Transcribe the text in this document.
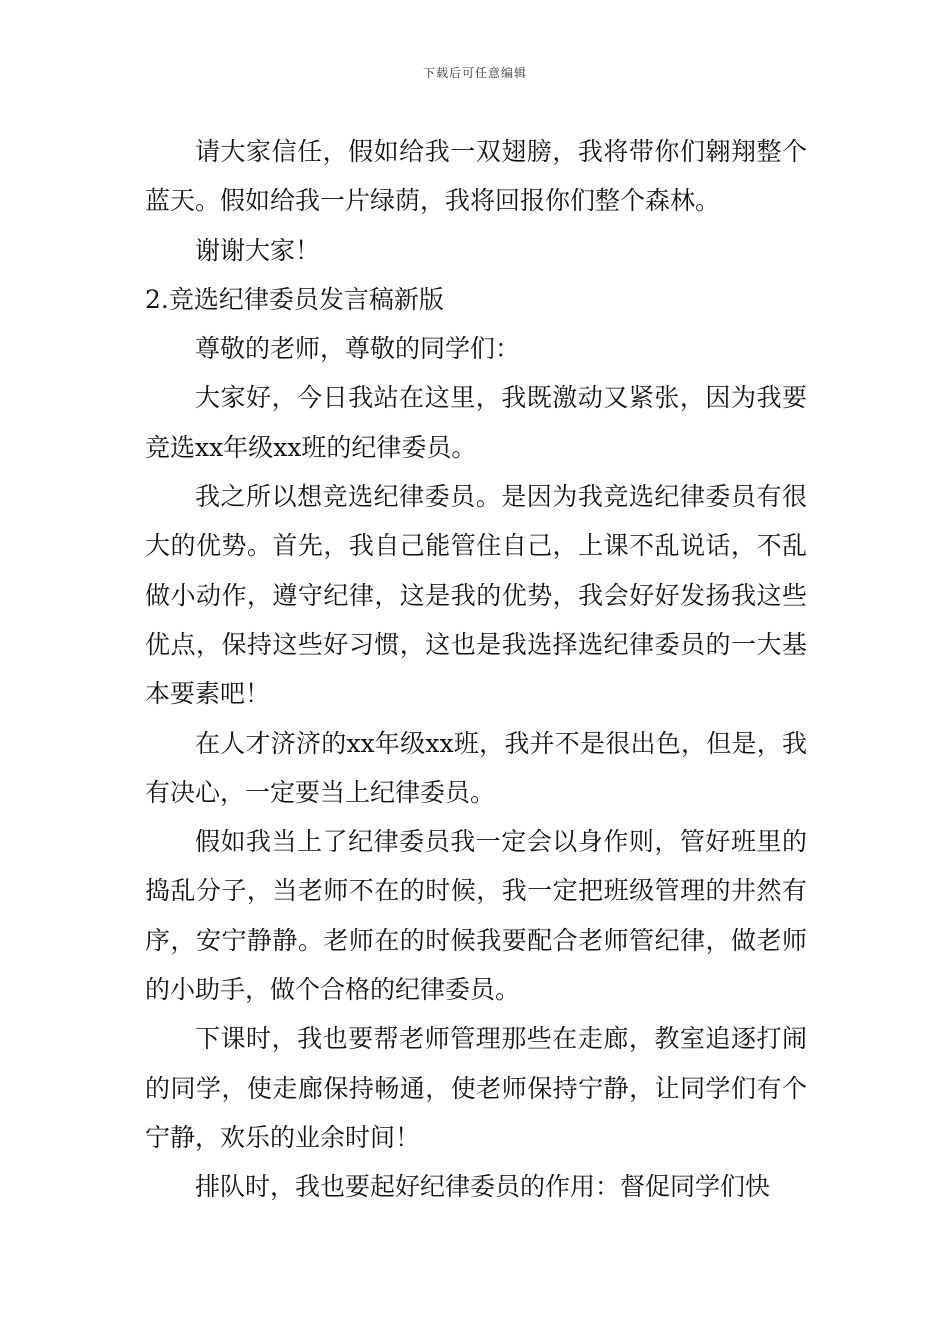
下载后可任意编辑

请大家信任，假如给我一双翅膀，我将带你们翱翔整个蓝天。假如给我一片绿荫，我将回报你们整个森林。

谢谢大家！

2.竞选纪律委员发言稿新版

尊敬的老师，尊敬的同学们：

大家好，今日我站在这里，我既激动又紧张，因为我要竞选xx年级xx班的纪律委员。

我之所以想竞选纪律委员。是因为我竞选纪律委员有很大的优势。首先，我自己能管住自己，上课不乱说话，不乱做小动作，遵守纪律，这是我的优势，我会好好发扬我这些优点，保持这些好习惯，这也是我选择选纪律委员的一大基本要素吧！

在人才济济的xx年级xx班，我并不是很出色，但是，我有决心，一定要当上纪律委员。

假如我当上了纪律委员我一定会以身作则，管好班里的捣乱分子，当老师不在的时候，我一定把班级管理的井然有序，安宁静静。老师在的时候我要配合老师管纪律，做老师的小助手，做个合格的纪律委员。

下课时，我也要帮老师管理那些在走廊，教室追逐打闹的同学，使走廊保持畅通，使老师保持宁静，让同学们有个宁静，欢乐的业余时间！

排队时，我也要起好纪律委员的作用：督促同学们快
